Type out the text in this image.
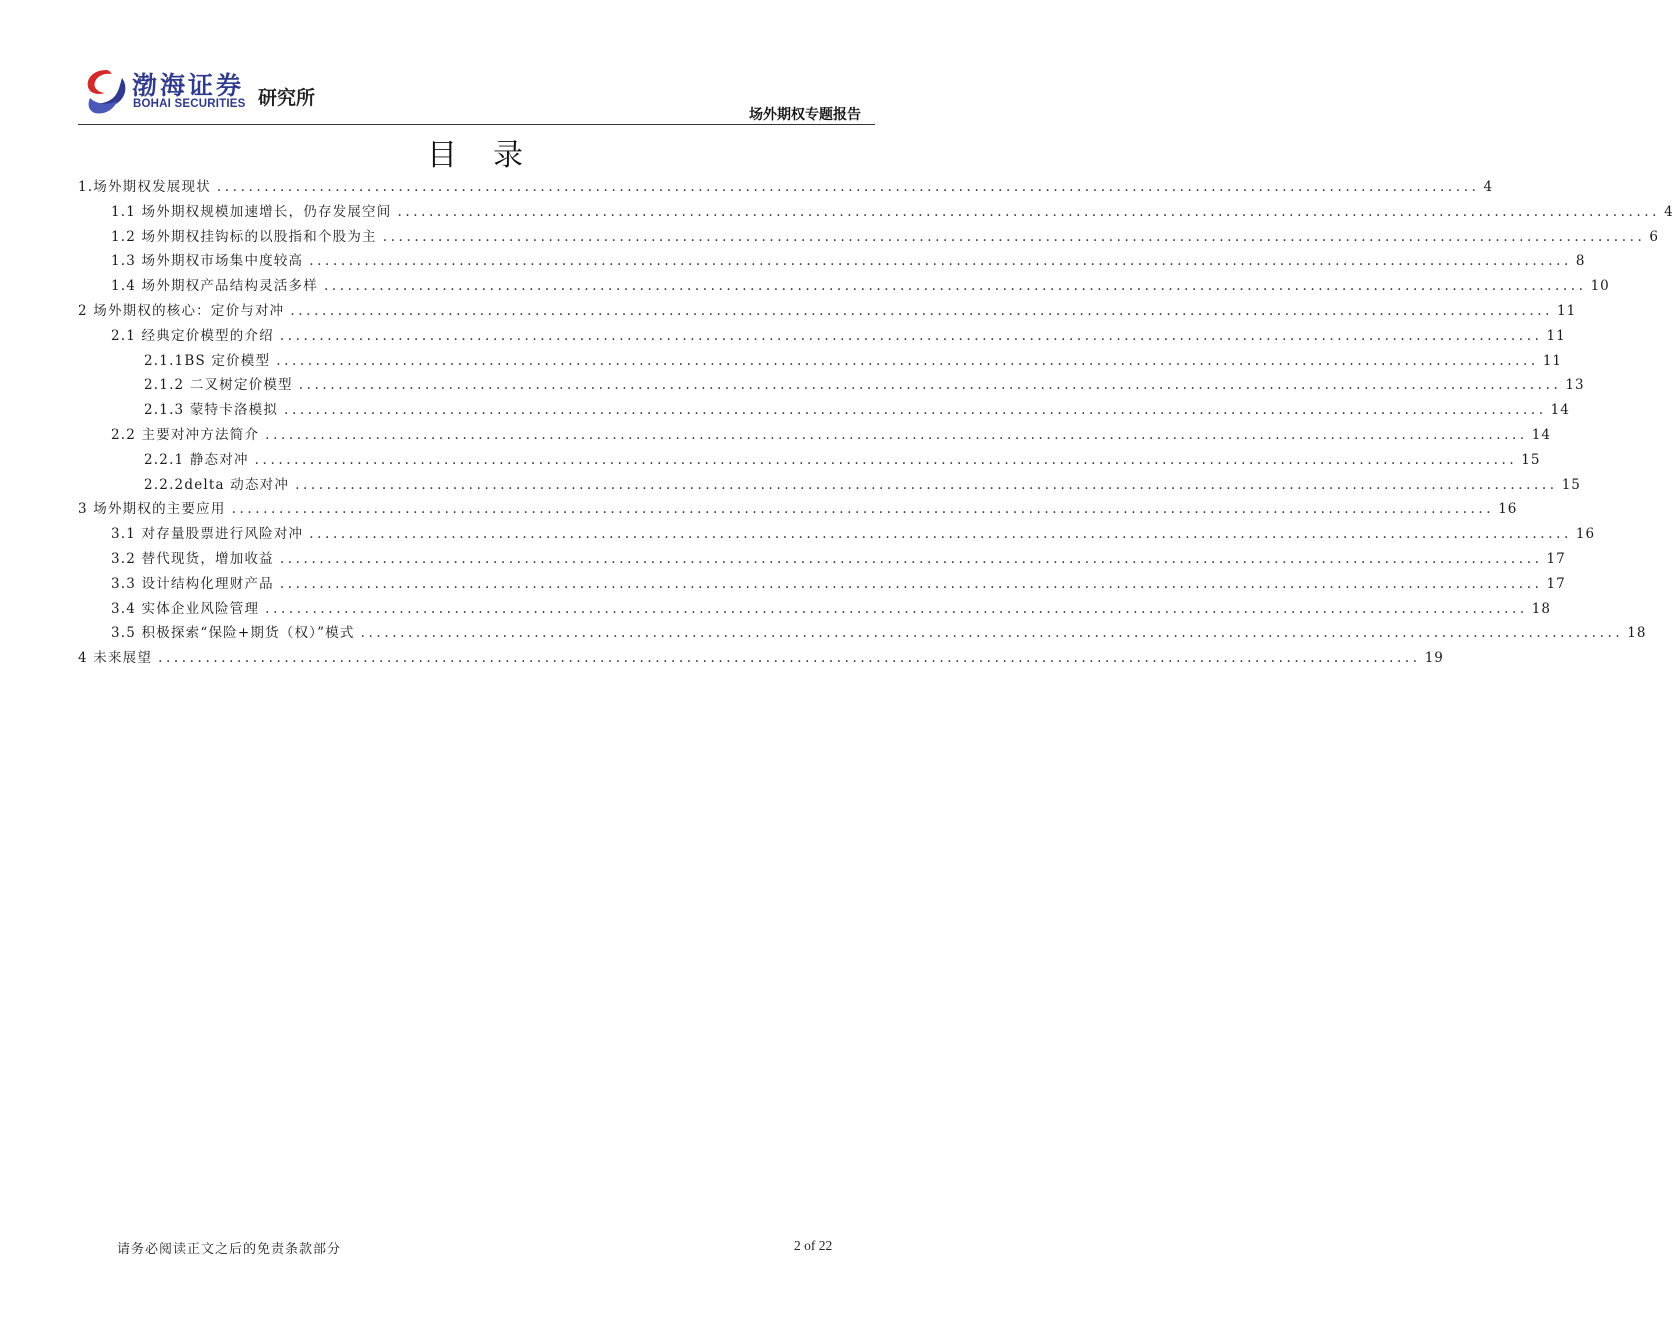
渤海证券
BOHAI SECURITIES 研究所
场外期权专题报告
目录
1.场外期权发展现状 ................................................................................................................................................................ 4
1.1 场外期权规模加速增长，仍存发展空间 ................................................................................................................................................................ 4
1.2 场外期权挂钩标的以股指和个股为主 ................................................................................................................................................................ 6
1.3 场外期权市场集中度较高 ................................................................................................................................................................ 8
1.4 场外期权产品结构灵活多样 ................................................................................................................................................................ 10
2 场外期权的核心：定价与对冲 ................................................................................................................................................................ 11
2.1 经典定价模型的介绍 ................................................................................................................................................................ 11
2.1.1BS 定价模型 ................................................................................................................................................................ 11
2.1.2 二叉树定价模型 ................................................................................................................................................................ 13
2.1.3 蒙特卡洛模拟 ................................................................................................................................................................ 14
2.2 主要对冲方法简介 ................................................................................................................................................................ 14
2.2.1 静态对冲 ................................................................................................................................................................ 15
2.2.2delta 动态对冲 ................................................................................................................................................................ 15
3 场外期权的主要应用 ................................................................................................................................................................ 16
3.1 对存量股票进行风险对冲 ................................................................................................................................................................ 16
3.2 替代现货，增加收益 ................................................................................................................................................................ 17
3.3 设计结构化理财产品 ................................................................................................................................................................ 17
3.4 实体企业风险管理 ................................................................................................................................................................ 18
3.5 积极探索“保险+期货（权）”模式 ................................................................................................................................................................ 18
4 未来展望 ................................................................................................................................................................ 19
请务必阅读正文之后的免责条款部分	2 of 22
